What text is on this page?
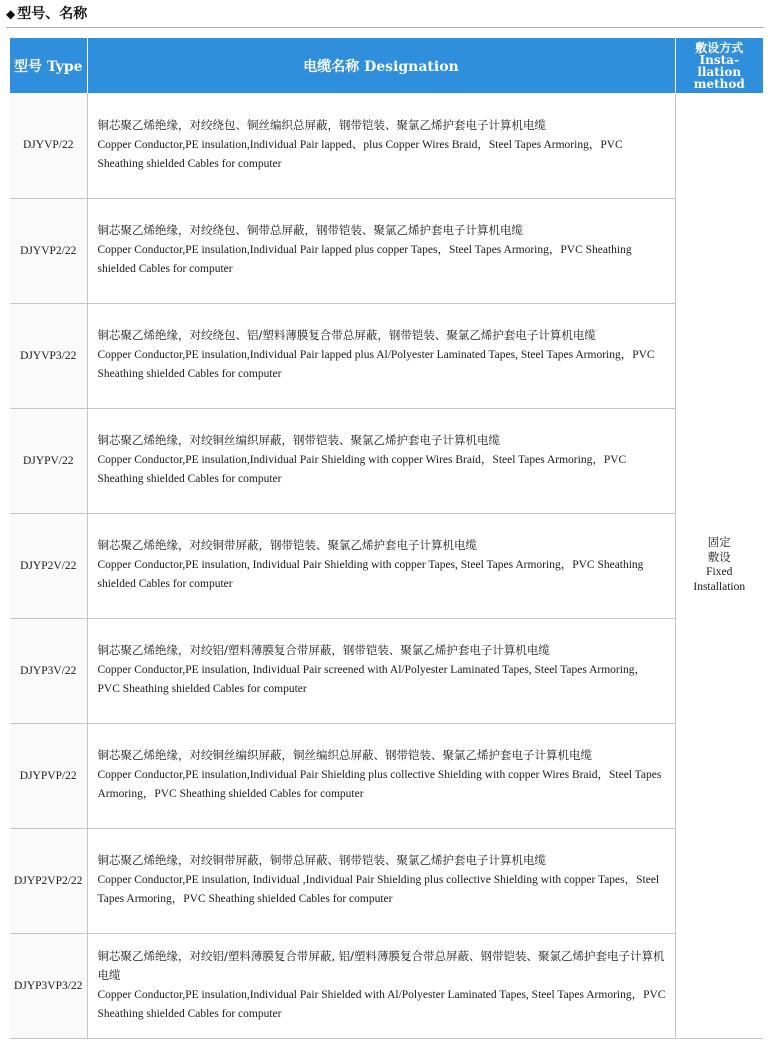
◆ 型号、名称
型号 Type	电缆名称 Designation	敷设方式
Insta-
llation
method

DJYVP/22	铜芯聚乙烯绝缘，对绞绕包、铜丝编织总屏蔽，钢带铠装、聚氯乙烯护套电子计算机电缆
Copper Conductor,PE insulation,Individual Pair lapped、plus Copper Wires Braid，Steel Tapes Armoring，PVC Sheathing shielded Cables for computer	固定
敷设
Fixed
Installation

DJYVP2/22	铜芯聚乙烯绝缘，对绞绕包、铜带总屏蔽，钢带铠装、聚氯乙烯护套电子计算机电缆
Copper Conductor,PE insulation,Individual Pair lapped plus copper Tapes，Steel Tapes Armoring，PVC Sheathing shielded Cables for computer	

DJYVP3/22	铜芯聚乙烯绝缘，对绞绕包、铝/塑料薄膜复合带总屏蔽，钢带铠装、聚氯乙烯护套电子计算机电缆
Copper Conductor,PE insulation,Individual Pair lapped plus Al/Polyester Laminated Tapes, Steel Tapes Armoring，PVC Sheathing shielded Cables for computer	

DJYPV/22	铜芯聚乙烯绝缘，对绞铜丝编织屏蔽，钢带铠装、聚氯乙烯护套电子计算机电缆
Copper Conductor,PE insulation,Individual Pair Shielding with copper Wires Braid，Steel Tapes Armoring，PVC Sheathing shielded Cables for computer	

DJYP2V/22	铜芯聚乙烯绝缘，对绞铜带屏蔽，钢带铠装、聚氯乙烯护套电子计算机电缆
Copper Conductor,PE insulation, Individual Pair Shielding with copper Tapes, Steel Tapes Armoring，PVC Sheathing shielded Cables for computer	

DJYP3V/22	铜芯聚乙烯绝缘，对绞铝/塑料薄膜复合带屏蔽，钢带铠装、聚氯乙烯护套电子计算机电缆
Copper Conductor,PE insulation, Individual Pair screened with Al/Polyester Laminated Tapes, Steel Tapes Armoring，PVC Sheathing shielded Cables for computer	

DJYPVP/22	铜芯聚乙烯绝缘，对绞铜丝编织屏蔽，铜丝编织总屏蔽、钢带铠装、聚氯乙烯护套电子计算机电缆
Copper Conductor,PE insulation,Individual Pair Shielding plus collective Shielding with copper Wires Braid，Steel Tapes Armoring，PVC Sheathing shielded Cables for computer	

DJYP2VP2/22	铜芯聚乙烯绝缘，对绞铜带屏蔽，铜带总屏蔽、钢带铠装、聚氯乙烯护套电子计算机电缆
Copper Conductor,PE insulation, Individual ,Individual Pair Shielding plus collective Shielding with copper Tapes，Steel Tapes Armoring，PVC Sheathing shielded Cables for computer	

DJYP3VP3/22	铜芯聚乙烯绝缘，对绞铝/塑料薄膜复合带屏蔽, 铝/塑料薄膜复合带总屏蔽、钢带铠装、聚氯乙烯护套电子计算机电缆
Copper Conductor,PE insulation,Individual Pair Shielded with Al/Polyester Laminated Tapes, Steel Tapes Armoring，PVC Sheathing shielded Cables for computer	
